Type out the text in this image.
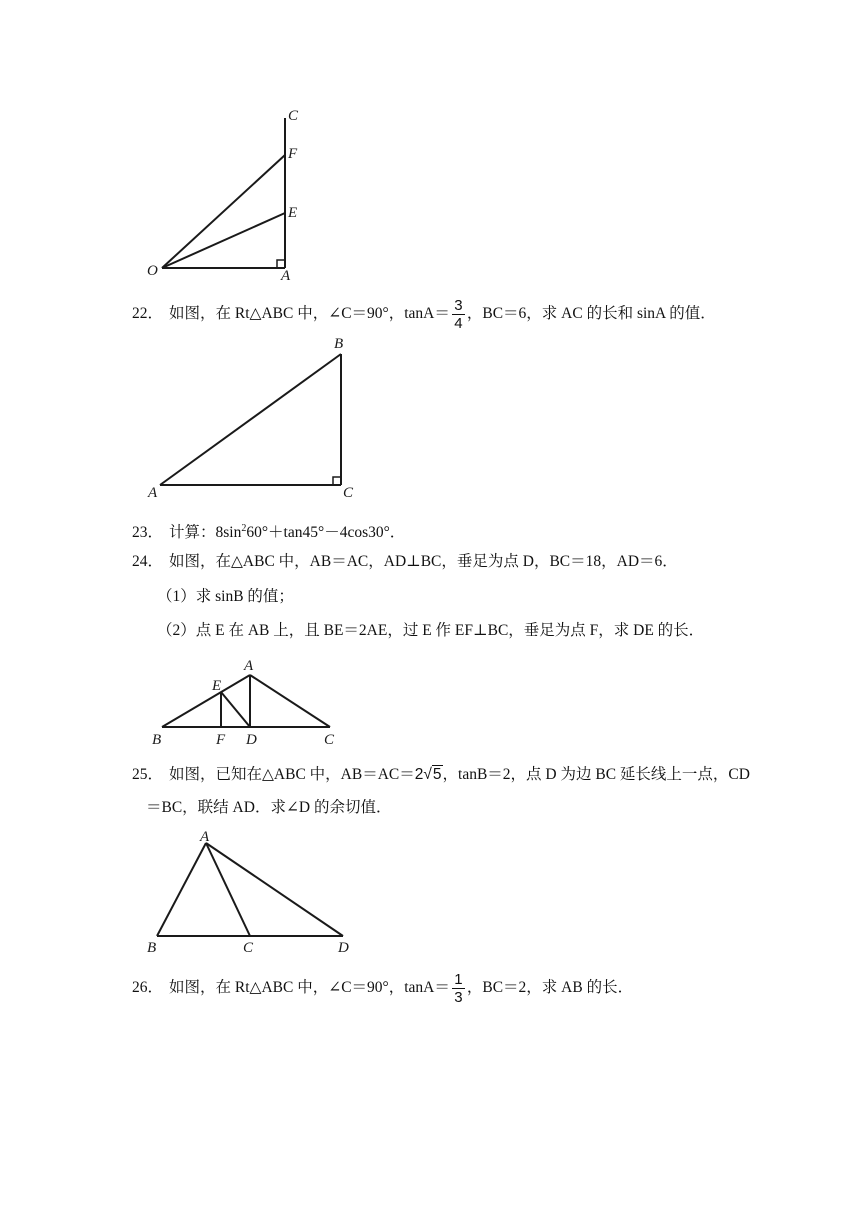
C
F
E
O	A
22． 如图，在 Rt△ABC 中，∠C＝90°，$\tan A= \frac{3}{4}$ ，BC＝6，求 AC 的长和 sinA 的值．
B
A	C
23． 计算：$8\sin^260^\circ+\tan 45^\circ-4\cos 30^\circ$．
24． 如图，在△ABC 中，AB＝AC，AD⊥BC，垂足为点 D，BC＝18，AD＝6．
（1）求 sinB 的值；
（2）点 E 在 AB 上，且 BE＝2AE，过 E 作 EF⊥BC，垂足为点 F，求 DE 的长．
A
E
B	F D	C
25． 如图，已知在△ABC 中，AB＝AC＝2√5，tanB＝2，点 D 为边 BC 延长线上一点，CD
＝BC，联结 AD．求∠D 的余切值．
A
B	C	D
26． 如图，在 Rt△ABC 中，∠C＝90°，$\tan A= \frac{1}{3}$ ，BC＝2，求 AB 的长．
